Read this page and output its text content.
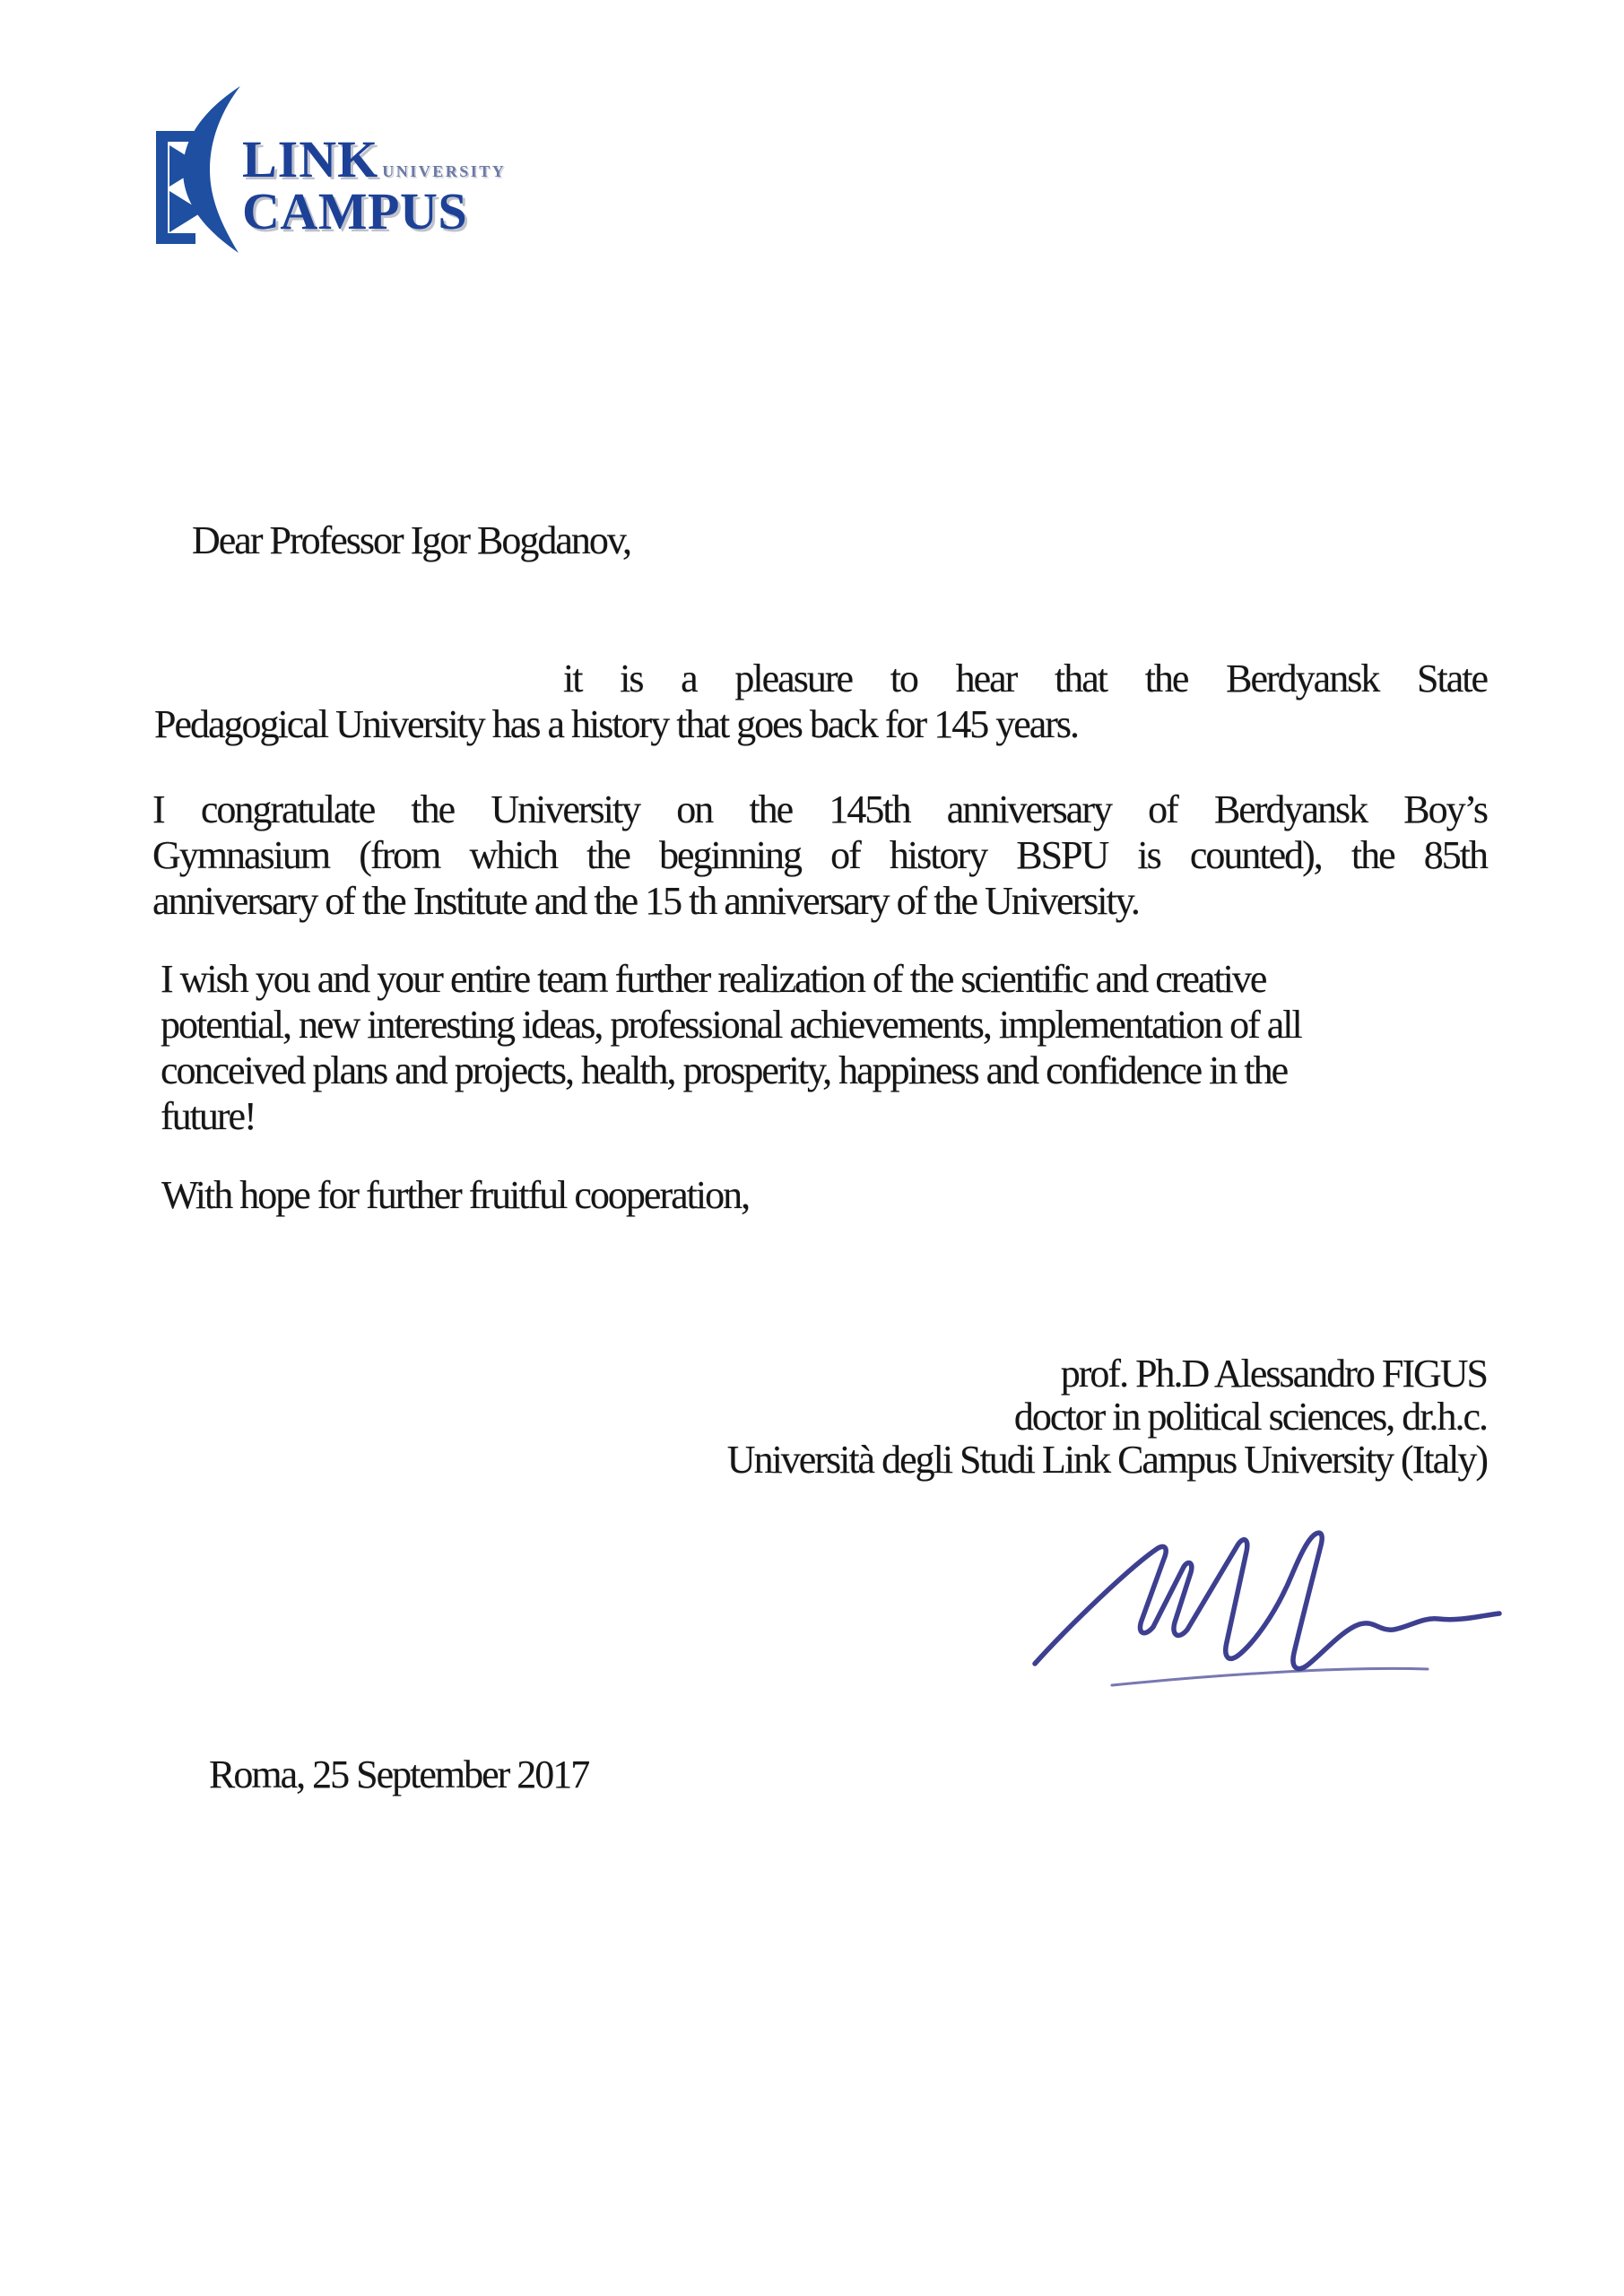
LINK UNIVERSITY
CAMPUS
Dear Professor Igor Bogdanov,
it is a pleasure to hear that the Berdyansk State
Pedagogical University has a history that goes back for 145 years.
I congratulate the University on the 145th anniversary of Berdyansk Boy’s
Gymnasium (from which the beginning of history BSPU is counted), the 85th
anniversary of the Institute and the 15 th anniversary of the University.
I wish you and your entire team further realization of the scientific and creative
potential, new interesting ideas, professional achievements, implementation of all
conceived plans and projects, health, prosperity, happiness and confidence in the
future!
With hope for further fruitful cooperation,
prof. Ph.D Alessandro FIGUS
doctor in political sciences, dr.h.c.
Università degli Studi Link Campus University (Italy)
Roma, 25 September 2017
